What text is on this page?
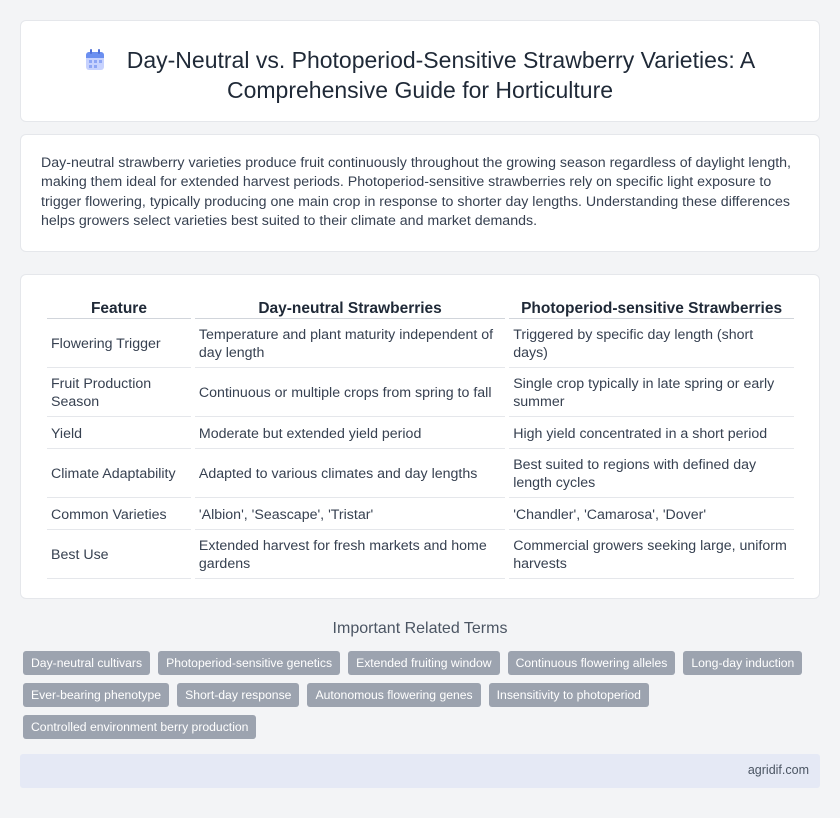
Day-Neutral vs. Photoperiod-Sensitive Strawberry Varieties: A Comprehensive Guide for Horticulture

Day-neutral strawberry varieties produce fruit continuously throughout the growing season regardless of daylight length, making them ideal for extended harvest periods. Photoperiod-sensitive strawberries rely on specific light exposure to trigger flowering, typically producing one main crop in response to shorter day lengths. Understanding these differences helps growers select varieties best suited to their climate and market demands.

Feature	Day-neutral Strawberries	Photoperiod-sensitive Strawberries
Flowering Trigger	Temperature and plant maturity independent of day length	Triggered by specific day length (short days)
Fruit Production Season	Continuous or multiple crops from spring to fall	Single crop typically in late spring or early summer
Yield	Moderate but extended yield period	High yield concentrated in a short period
Climate Adaptability	Adapted to various climates and day lengths	Best suited to regions with defined day length cycles
Common Varieties	'Albion', 'Seascape', 'Tristar'	'Chandler', 'Camarosa', 'Dover'
Best Use	Extended harvest for fresh markets and home gardens	Commercial growers seeking large, uniform harvests
Important Related Terms
Day-neutral cultivars	Photoperiod-sensitive genetics	Extended fruiting window	Continuous flowering alleles	Long-day induction
Ever-bearing phenotype	Short-day response	Autonomous flowering genes	Insensitivity to photoperiod
Controlled environment berry production
agridif.com
